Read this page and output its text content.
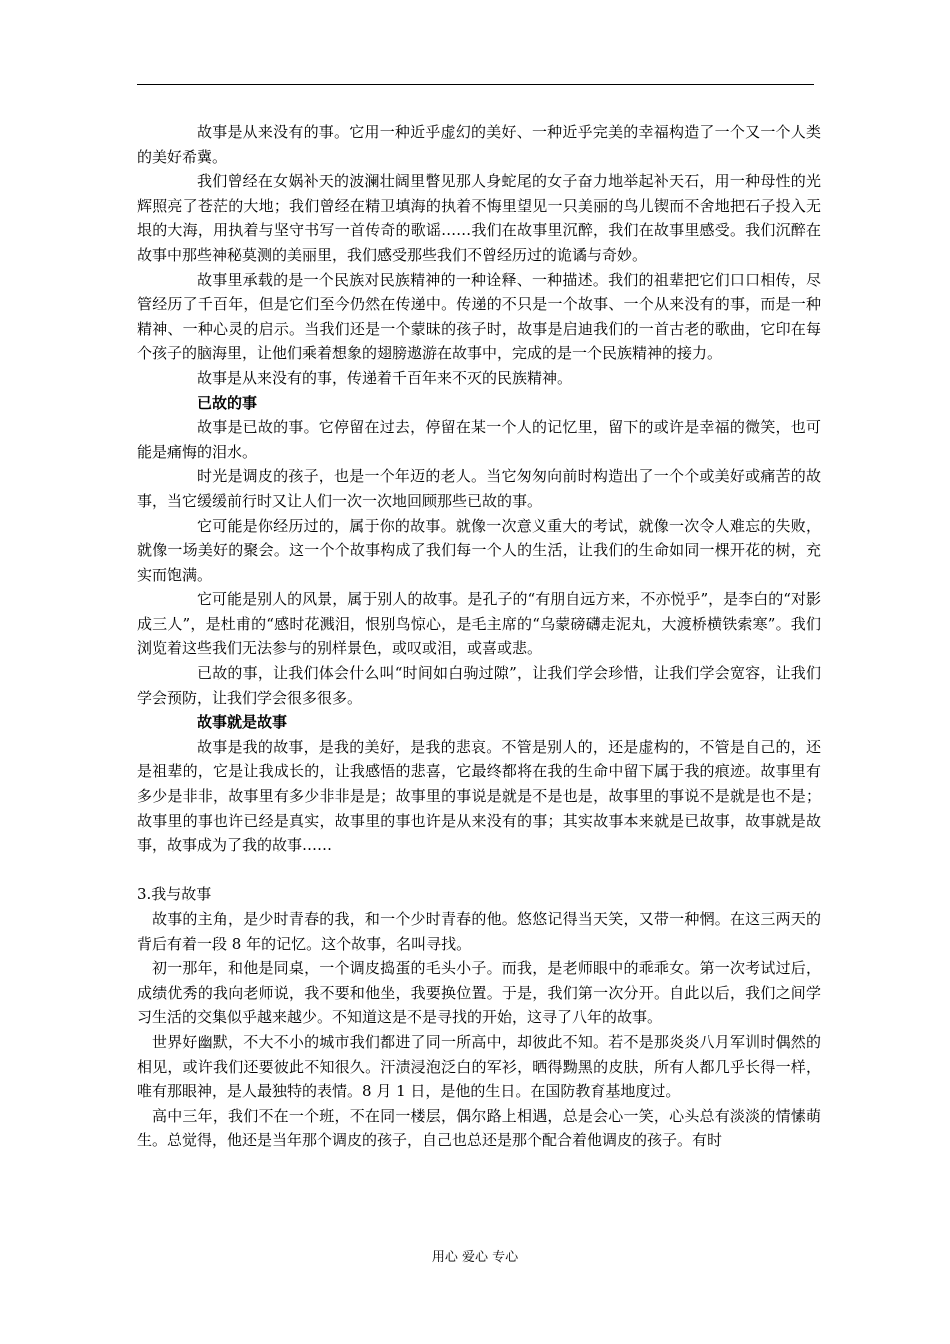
故事是从来没有的事。它用一种近乎虚幻的美好、一种近乎完美的幸福构造了一个又一个人类的美好希冀。

我们曾经在女娲补天的波澜壮阔里瞥见那人身蛇尾的女子奋力地举起补天石，用一种母性的光辉照亮了苍茫的大地；我们曾经在精卫填海的执着不悔里望见一只美丽的鸟儿锲而不舍地把石子投入无垠的大海，用执着与坚守书写一首传奇的歌谣……我们在故事里沉醉，我们在故事里感受。我们沉醉在故事中那些神秘莫测的美丽里，我们感受那些我们不曾经历过的诡谲与奇妙。

故事里承载的是一个民族对民族精神的一种诠释、一种描述。我们的祖辈把它们口口相传，尽管经历了千百年，但是它们至今仍然在传递中。传递的不只是一个故事、一个从来没有的事，而是一种精神、一种心灵的启示。当我们还是一个蒙昧的孩子时，故事是启迪我们的一首古老的歌曲，它印在每个孩子的脑海里，让他们乘着想象的翅膀遨游在故事中，完成的是一个民族精神的接力。

故事是从来没有的事，传递着千百年来不灭的民族精神。

已故的事

故事是已故的事。它停留在过去，停留在某一个人的记忆里，留下的或许是幸福的微笑，也可能是痛悔的泪水。

时光是调皮的孩子，也是一个年迈的老人。当它匆匆向前时构造出了一个个或美好或痛苦的故事，当它缓缓前行时又让人们一次一次地回顾那些已故的事。

它可能是你经历过的，属于你的故事。就像一次意义重大的考试，就像一次令人难忘的失败，就像一场美好的聚会。这一个个故事构成了我们每一个人的生活，让我们的生命如同一棵开花的树，充实而饱满。

它可能是别人的风景，属于别人的故事。是孔子的“有朋自远方来，不亦悦乎”，是李白的“对影成三人”，是杜甫的“感时花溅泪，恨别鸟惊心，是毛主席的“乌蒙磅礴走泥丸，大渡桥横铁索寒”。我们浏览着这些我们无法参与的别样景色，或叹或泪，或喜或悲。

已故的事，让我们体会什么叫“时间如白驹过隙”，让我们学会珍惜，让我们学会宽容，让我们学会预防，让我们学会很多很多。

故事就是故事

故事是我的故事，是我的美好，是我的悲哀。不管是别人的，还是虚构的，不管是自己的，还是祖辈的，它是让我成长的，让我感悟的悲喜，它最终都将在我的生命中留下属于我的痕迹。故事里有多少是非非，故事里有多少非非是是；故事里的事说是就是不是也是，故事里的事说不是就是也不是；故事里的事也许已经是真实，故事里的事也许是从来没有的事；其实故事本来就是已故事，故事就是故事，故事成为了我的故事……

3.我与故事

故事的主角，是少时青春的我，和一个少时青春的他。悠悠记得当天笑，又带一种惘。在这三两天的背后有着一段 8 年的记忆。这个故事，名叫寻找。

初一那年，和他是同桌，一个调皮捣蛋的毛头小子。而我，是老师眼中的乖乖女。第一次考试过后，成绩优秀的我向老师说，我不要和他坐，我要换位置。于是，我们第一次分开。自此以后，我们之间学习生活的交集似乎越来越少。不知道这是不是寻找的开始，这寻了八年的故事。

世界好幽默，不大不小的城市我们都进了同一所高中，却彼此不知。若不是那炎炎八月军训时偶然的相见，或许我们还要彼此不知很久。汗渍浸泡泛白的军衫，晒得黝黑的皮肤，所有人都几乎长得一样，唯有那眼神，是人最独特的表情。8 月 1 日，是他的生日。在国防教育基地度过。

高中三年，我们不在一个班，不在同一楼层，偶尔路上相遇，总是会心一笑，心头总有淡淡的情愫萌生。总觉得，他还是当年那个调皮的孩子，自己也总还是那个配合着他调皮的孩子。有时

用心 爱心 专心
